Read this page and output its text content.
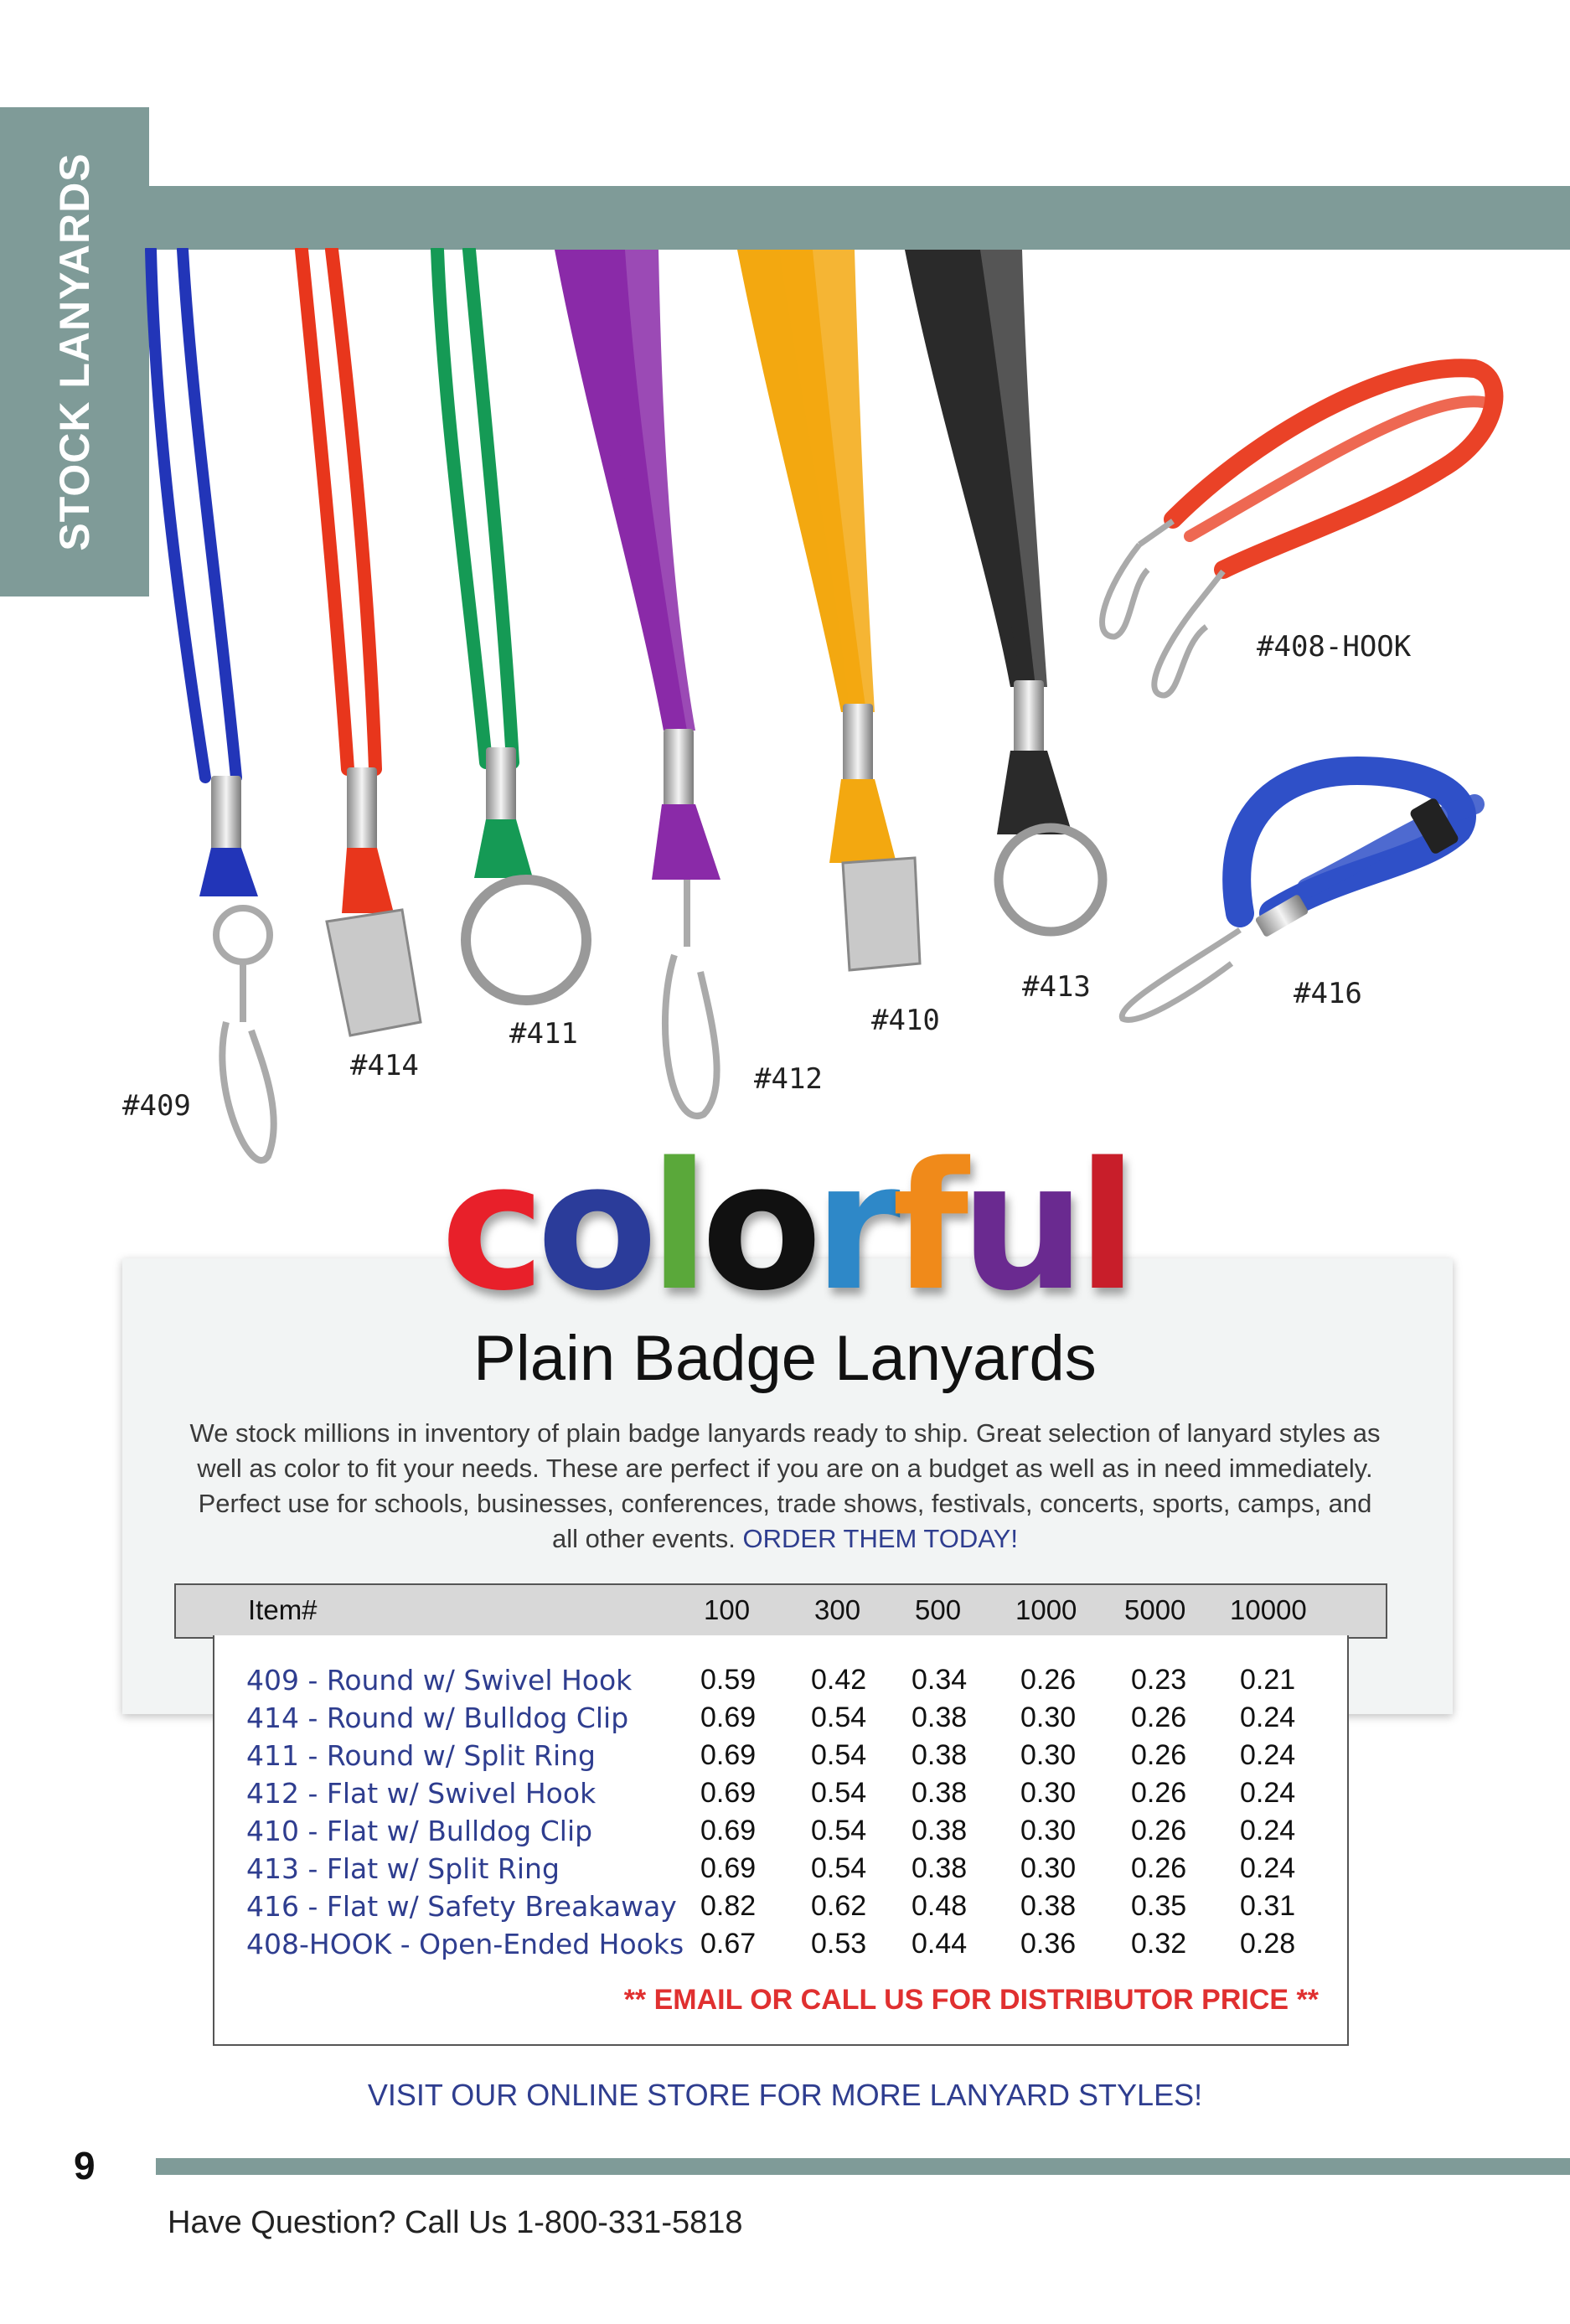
STOCK LANYARDS
#409
#414
#411
#412
#410
#413
#408-HOOK
#416
colorful
Plain Badge Lanyards
We stock millions in inventory of plain badge lanyards ready to ship. Great selection of lanyard styles as well as color to fit your needs. These are perfect if you are on a budget as well as in need immediately. Perfect use for schools, businesses, conferences, trade shows, festivals, concerts, sports, camps, and all other events. ORDER THEM TODAY!
Item#	100 300 500 1000 5000 10000
409 - Round w/ Swivel Hook 0.59 0.42 0.34 0.26 0.23 0.21
414 - Round w/ Bulldog Clip	0.69 0.54 0.38 0.30 0.26 0.24
411 - Round w/ Split Ring	0.69 0.54 0.38 0.30 0.26 0.24
412 - Flat w/ Swivel Hook	0.69 0.54 0.38 0.30 0.26 0.24
410 - Flat w/ Bulldog Clip	0.69 0.54 0.38 0.30 0.26 0.24
413 - Flat w/ Split Ring	0.69 0.54 0.38 0.30 0.26 0.24
416 - Flat w/ Safety Breakaway 0.82 0.62 0.48 0.38 0.35 0.31
408-HOOK - Open-Ended Hooks 0.67 0.53 0.44 0.36 0.32 0.28
** EMAIL OR CALL US FOR DISTRIBUTOR PRICE **
VISIT OUR ONLINE STORE FOR MORE LANYARD STYLES!
9
Have Question? Call Us 1-800-331-5818
